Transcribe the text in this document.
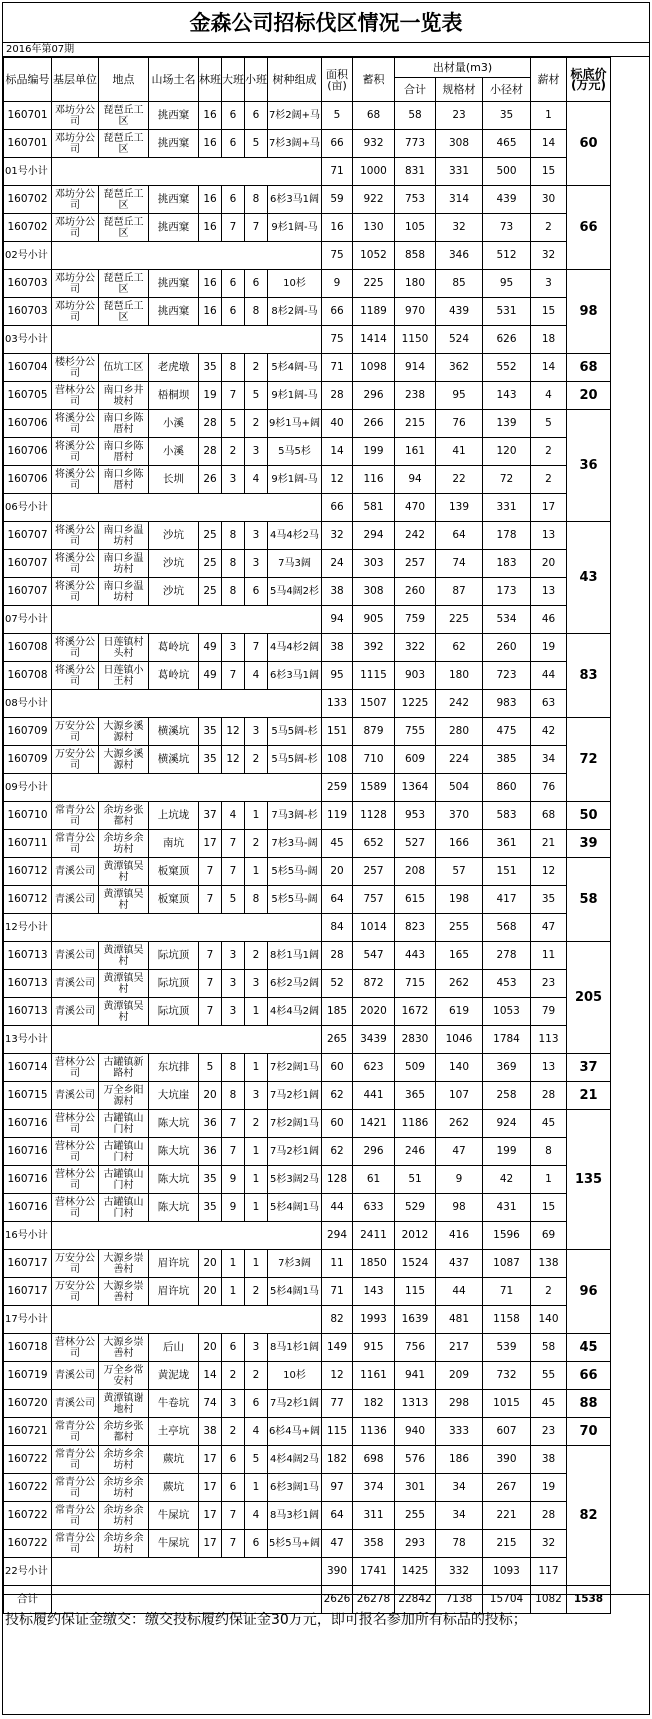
金森公司招标伐区情况一览表
2016年第07期
标品编号	基层单位	地点	山场土名	林班	大班	小班	树种组成	面积(亩)	蓄积	出材量(m3)			薪材	标底价(万元)
										合计	规格材	小径材		
160701	邓坊分公司	琵琶丘工区	挑西窠	16	6	6	7杉2阔+马	5	68	58	23	35	1	60
160701	邓坊分公司	琵琶丘工区	挑西窠	16	6	5	7杉3阔+马	66	932	773	308	465	14	
01号小计								71	1000	831	331	500	15	
160702	邓坊分公司	琵琶丘工区	挑西窠	16	6	8	6杉3马1阔	59	922	753	314	439	30	66
160702	邓坊分公司	琵琶丘工区	挑西窠	16	7	7	9杉1阔-马	16	130	105	32	73	2	
02号小计								75	1052	858	346	512	32	
160703	邓坊分公司	琵琶丘工区	挑西窠	16	6	6	10杉	9	225	180	85	95	3	98
160703	邓坊分公司	琵琶丘工区	挑西窠	16	6	8	8杉2阔-马	66	1189	970	439	531	15	
03号小计								75	1414	1150	524	626	18	
160704	楼杉分公司	伍坑工区	老虎墩	35	8	2	5杉4阔-马	71	1098	914	362	552	14	68
160705	营林分公司	南口乡井坡村	梧桐坝	19	7	5	9杉1阔-马	28	296	238	95	143	4	20
160706	将溪分公司	南口乡陈厝村	小溪	28	5	2	9杉1马+阔	40	266	215	76	139	5	36
160706	将溪分公司	南口乡陈厝村	小溪	28	2	3	5马5杉	14	199	161	41	120	2	
160706	将溪分公司	南口乡陈厝村	长圳	26	3	4	9杉1阔-马	12	116	94	22	72	2	
06号小计								66	581	470	139	331	17	
160707	将溪分公司	南口乡温坊村	沙坑	25	8	3	4马4杉2马	32	294	242	64	178	13	43
160707	将溪分公司	南口乡温坊村	沙坑	25	8	3	7马3阔	24	303	257	74	183	20	
160707	将溪分公司	南口乡温坊村	沙坑	25	8	6	5马4阔2杉	38	308	260	87	173	13	
07号小计								94	905	759	225	534	46	
160708	将溪分公司	日莲镇村头村	葛岭坑	49	3	7	4马4杉2阔	38	392	322	62	260	19	83
160708	将溪分公司	日莲镇小王村	葛岭坑	49	7	4	6杉3马1阔	95	1115	903	180	723	44	
08号小计								133	1507	1225	242	983	63	
160709	万安分公司	大源乡溪源村	横溪坑	35	12	3	5马5阔-杉	151	879	755	280	475	42	72
160709	万安分公司	大源乡溪源村	横溪坑	35	12	2	5马5阔-杉	108	710	609	224	385	34	
09号小计								259	1589	1364	504	860	76	
160710	常青分公司	余坊乡张都村	上坑垅	37	4	1	7马3阔-杉	119	1128	953	370	583	68	50
160711	常青分公司	余坊乡余坊村	南坑	17	7	2	7杉3马-阔	45	652	527	166	361	21	39
160712	青溪公司	黄潭镇吴村	板窠顶	7	7	1	5杉5马-阔	20	257	208	57	151	12	58
160712	青溪公司	黄潭镇吴村	板窠顶	7	5	8	5杉5马-阔	64	757	615	198	417	35	
12号小计								84	1014	823	255	568	47	
160713	青溪公司	黄潭镇吴村	际坑顶	7	3	2	8杉1马1阔	28	547	443	165	278	11	205
160713	青溪公司	黄潭镇吴村	际坑顶	7	3	3	6杉2马2阔	52	872	715	262	453	23	
160713	青溪公司	黄潭镇吴村	际坑顶	7	3	1	4杉4马2阔	185	2020	1672	619	1053	79	
13号小计								265	3439	2830	1046	1784	113	
160714	营林分公司	古罐镇新路村	东坑排	5	8	1	7杉2阔1马	60	623	509	140	369	13	37
160715	青溪公司	万全乡阳源村	大坑崖	20	8	3	7马2杉1阔	62	441	365	107	258	28	21
160716	营林分公司	古罐镇山门村	陈大坑	36	7	2	7杉2阔1马	60	1421	1186	262	924	45	135
160716	营林分公司	古罐镇山门村	陈大坑	36	7	1	7马2杉1阔	62	296	246	47	199	8	
160716	营林分公司	古罐镇山门村	陈大坑	35	9	1	5杉3阔2马	128	61	51	9	42	1	
160716	营林分公司	古罐镇山门村	陈大坑	35	9	1	5杉4阔1马	44	633	529	98	431	15	
16号小计								294	2411	2012	416	1596	69	
160717	万安分公司	大源乡崇善村	眉许坑	20	1	1	7杉3阔	11	1850	1524	437	1087	138	96
160717	万安分公司	大源乡崇善村	眉许坑	20	1	2	5杉4阔1马	71	143	115	44	71	2	
17号小计								82	1993	1639	481	1158	140	
160718	营林分公司	大源乡崇善村	后山	20	6	3	8马1杉1阔	149	915	756	217	539	58	45
160719	青溪公司	万全乡常安村	黄泥垅	14	2	2	10杉	12	1161	941	209	732	55	66
160720	青溪公司	黄潭镇谢地村	牛卷坑	74	3	6	7马2杉1阔	77	182	1313	298	1015	45	88
160721	常青分公司	余坊乡张都村	土亭坑	38	2	4	6杉4马+阔	115	1136	940	333	607	23	70
160722	常青分公司	余坊乡余坊村	蕨坑	17	6	5	4杉4阔2马	182	698	576	186	390	38	82
160722	常青分公司	余坊乡余坊村	蕨坑	17	6	1	6杉3阔1马	97	374	301	34	267	19	
160722	常青分公司	余坊乡余坊村	牛屎坑	17	7	4	8马3杉1阔	64	311	255	34	221	28	
160722	常青分公司	余坊乡余坊村	牛屎坑	17	7	6	5杉5马+阔	47	358	293	78	215	32	
22号小计								390	1741	1425	332	1093	117	
合计								2626	26278	22842	7138	15704	1082	1538
投标履约保证金缴交：缴交投标履约保证金30万元，即可报名参加所有标品的投标；
